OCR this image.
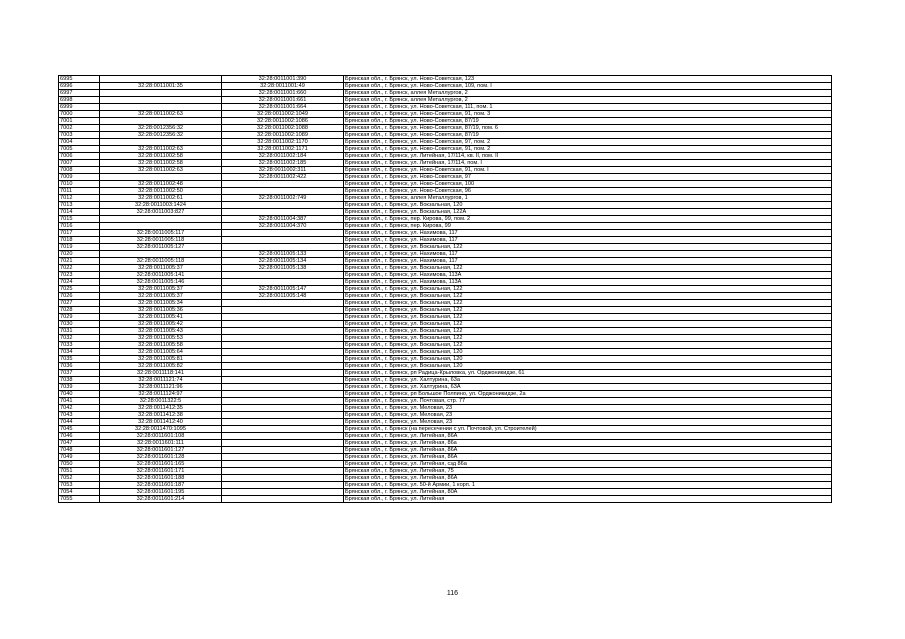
6995		32:28:0011001:390	Брянская обл., г. Брянск, ул. Ново-Советская, 123
6996	32:28:0011001:35	32:28:0011001:49	Брянская обл., г. Брянск, ул. Ново-Советская, 109, пом. I
6997		32:28:0011001:660	Брянская обл., г. Брянск, аллея Металлургов, 2
6998		32:28:0011001:661	Брянская обл., г. Брянск, аллея Металлургов, 2
6999		32:28:0011001:664	Брянская обл., г. Брянск, ул. Ново-Советская, 111, пом. 1
7000	32:28:0011002:63	32:28:0011002:1049	Брянская обл., г. Брянск, ул. Ново-Советская, 91, пом. 3
7001		32:28:0011002:1086	Брянская обл., г. Брянск, ул. Ново-Советская, 87/19
7002	32:28:0012356:32	32:28:0011002:1088	Брянская обл., г. Брянск, ул. Ново-Советская, 87/19, пом. 6
7003	32:28:0012356:32	32:28:0011002:1089	Брянская обл., г. Брянск, ул. Ново-Советская, 87/19
7004		32:28:0011002:1170	Брянская обл., г. Брянск, ул. Ново-Советская, 97, пом. 2
7005	32:28:0011002:63	32:28:0011002:1171	Брянская обл., г. Брянск, ул. Ново-Советская, 91, пом. 2
7006	32:28:0011002:58	32:28:0011002:184	Брянская обл., г. Брянск, ул. Литейная, 17/114, кв. II, пом. II
7007	32:28:0011002:58	32:28:0011002:185	Брянская обл., г. Брянск, ул. Литейная, 17/114, пом. I
7008	32:28:0011002:63	32:28:0011002:311	Брянская обл., г. Брянск, ул. Ново-Советская, 91, пом. I
7009		32:28:0011002:422	Брянская обл., г. Брянск, ул. Ново-Советская, 97
7010	32:28:0011002:48		Брянская обл., г. Брянск, ул. Ново-Советская, 100
7011	32:28:0011002:50		Брянская обл., г. Брянск, ул. Ново-Советская, 96
7012	32:28:0011002:61	32:28:0011002:749	Брянская обл., г. Брянск, аллея Металлургов, 1
7013	32:28:0011003:1424		Брянская обл., г. Брянск, ул. Вокзальная, 120
7014	32:28:0011003:827		Брянская обл., г. Брянск, ул. Вокзальная, 122А
7015		32:28:0011004:387	Брянская обл., г. Брянск, пер. Кирова, 99, пом. 2
7016		32:28:0011004:370	Брянская обл., г. Брянск, пер. Кирова, 99
7017	32:28:0011005:117		Брянская обл., г. Брянск, ул. Нахимова, 117
7018	32:28:0011005:118		Брянская обл., г. Брянск, ул. Нахимова, 117
7019	32:28:0011005:127		Брянская обл., г. Брянск, ул. Вокзальная, 122
7020		32:28:0011005:133	Брянская обл., г. Брянск, ул. Нахимова, 117
7021	32:28:0011005:118	32:28:0011005:134	Брянская обл., г. Брянск, ул. Нахимова, 117
7022	32:28:0011005:37	32:28:0011005:138	Брянская обл., г. Брянск, ул. Вокзальная, 122
7023	32:28:0011005:141		Брянская обл., г. Брянск, ул. Нахимова, 113А
7024	32:28:0011005:146		Брянская обл., г. Брянск, ул. Нахимова, 113А
7025	32:28:0011005:37	32:28:0011005:147	Брянская обл., г. Брянск, ул. Вокзальная, 122
7026	32:28:0011005:37	32:28:0011005:148	Брянская обл., г. Брянск, ул. Вокзальная, 122
7027	32:28:0011005:34		Брянская обл., г. Брянск, ул. Вокзальная, 122
7028	32:28:0011005:36		Брянская обл., г. Брянск, ул. Вокзальная, 122
7029	32:28:0011005:41		Брянская обл., г. Брянск, ул. Вокзальная, 122
7030	32:28:0011005:42		Брянская обл., г. Брянск, ул. Вокзальная, 122
7031	32:28:0011005:43		Брянская обл., г. Брянск, ул. Вокзальная, 122
7032	32:28:0011005:53		Брянская обл., г. Брянск, ул. Вокзальная, 122
7033	32:28:0011005:58		Брянская обл., г. Брянск, ул. Вокзальная, 122
7034	32:28:0011005:64		Брянская обл., г. Брянск, ул. Вокзальная, 120
7035	32:28:0011005:81		Брянская обл., г. Брянск, ул. Вокзальная, 120
7036	32:28:0011005:82		Брянская обл., г. Брянск, ул. Вокзальная, 120
7037	32:28:0011118:141		Брянская обл., г. Брянск, рп Радица-Крыловка, ул. Орджоникидзе, 61
7038	32:28:0011121:74		Брянская обл., г. Брянск, ул. Халтурина, 63а
7039	32:28:0011121:96		Брянская обл., г. Брянск, ул. Халтурина, 63А
7040	32:28:0011124:97		Брянская обл., г. Брянск, рп Большое Полпино, ул. Орджоникидзе, 2а
7041	32:28:0011322:5		Брянская обл., г. Брянск, ул. Почтовая, стр. 77
7042	32:28:0011412:35		Брянская обл., г. Брянск, ул. Меловая, 23
7043	32:28:0011412:38		Брянская обл., г. Брянск, ул. Меловая, 23
7044	32:28:0011412:40		Брянская обл., г. Брянск, ул. Меловая, 23
7045	32:28:0011470:1095		Брянская обл., г. Брянск (на пересечении с ул. Почтовой, ул. Строителей)
7046	32:28:0011601:108		Брянская обл., г. Брянск, ул. Литейная, 86А
7047	32:28:0011601:111		Брянская обл., г. Брянск, ул. Литейная, 86а
7048	32:28:0011601:127		Брянская обл., г. Брянск, ул. Литейная, 86А
7049	32:28:0011601:128		Брянская обл., г. Брянск, ул. Литейная, 86А
7050	32:28:0011601:165		Брянская обл., г. Брянск, ул. Литейная, сзд 86а
7051	32:28:0011601:171		Брянская обл., г. Брянск, ул. Литейная, 75
7052	32:28:0011601:188		Брянская обл., г. Брянск, ул. Литейная, 86А
7053	32:28:0011601:187		Брянская обл., г. Брянск, ул. 50-й Армии, 1 корп. 1
7054	32:28:0011601:195		Брянская обл., г. Брянск, ул. Литейная, 80А
7055	32:28:0011601:214		Брянская обл., г. Брянск, ул. Литейная
116
